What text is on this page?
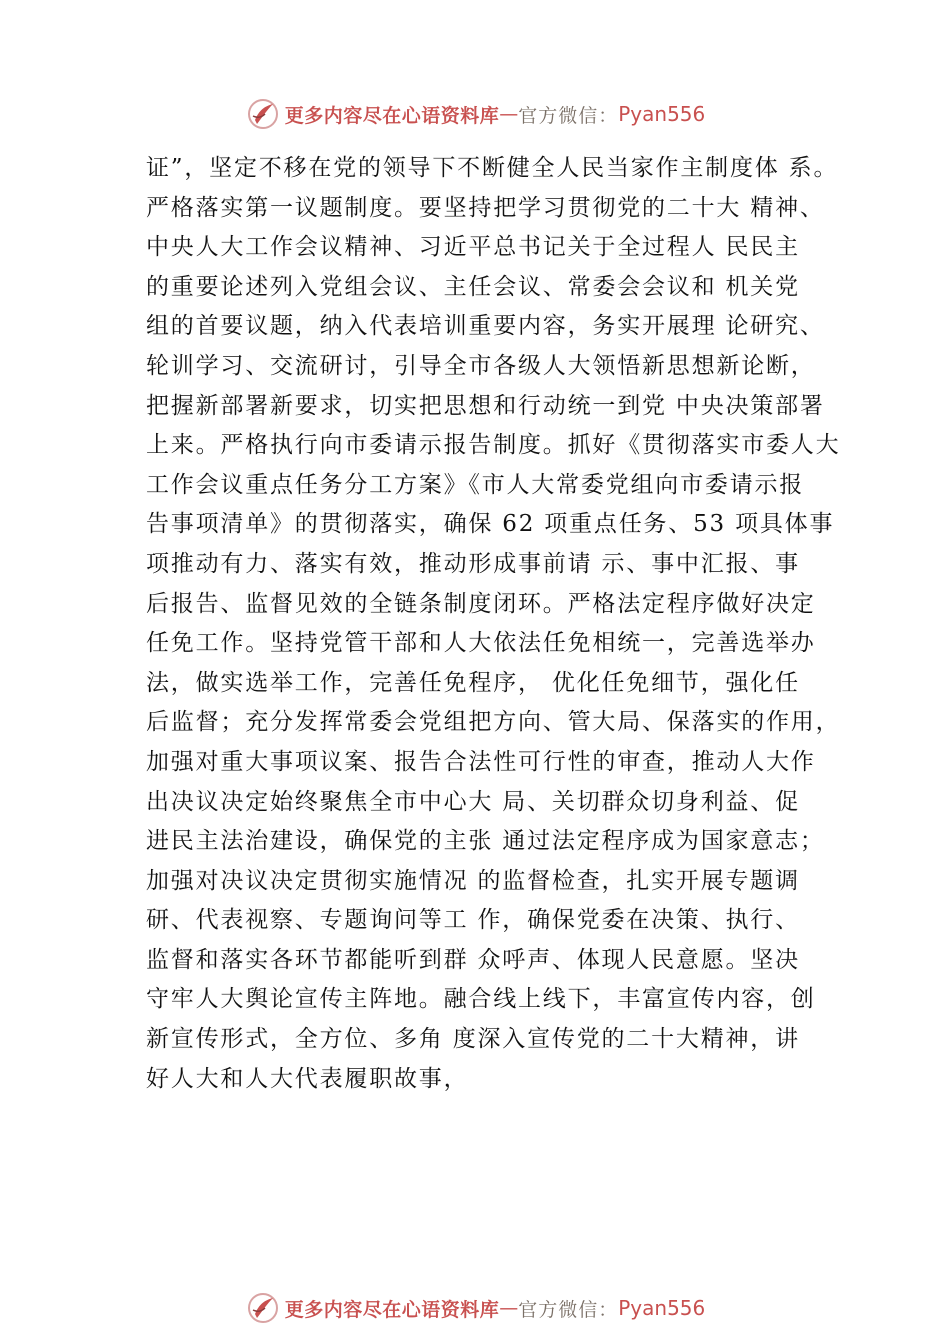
更多内容尽在心语资料库 — 官方微信： Pyan556
证”，坚定不移在党的领导下不断健全人民当家作主制度体 系。
严格落实第一议题制度。要坚持把学习贯彻党的二十大 精神、
中央人大工作会议精神、习近平总书记关于全过程人 民民主
的重要论述列入党组会议、主任会议、常委会会议和 机关党
组的首要议题，纳入代表培训重要内容，务实开展理 论研究、
轮训学习、交流研讨，引导全市各级人大领悟新思想新论断，
把握新部署新要求，切实把思想和行动统一到党 中央决策部署
上来。严格执行向市委请示报告制度。抓好《贯彻落实市委人大
工作会议重点任务分工方案》《市人大常委党组向市委请示报
告事项清单》的贯彻落实，确保 62 项重点任务、53 项具体事
项推动有力、落实有效，推动形成事前请 示、事中汇报、事
后报告、监督见效的全链条制度闭环。严格法定程序做好决定
任免工作。坚持党管干部和人大依法任免相统一，完善选举办
法，做实选举工作，完善任免程序， 优化任免细节，强化任
后监督；充分发挥常委会党组把方向、管大局、保落实的作用，
加强对重大事项议案、报告合法性可行性的审查，推动人大作
出决议决定始终聚焦全市中心大 局、关切群众切身利益、促
进民主法治建设，确保党的主张 通过法定程序成为国家意志；
加强对决议决定贯彻实施情况 的监督检查，扎实开展专题调
研、代表视察、专题询问等工 作，确保党委在决策、执行、
监督和落实各环节都能听到群 众呼声、体现人民意愿。坚决
守牢人大舆论宣传主阵地。融合线上线下，丰富宣传内容，创
新宣传形式，全方位、多角 度深入宣传党的二十大精神，讲
好人大和人大代表履职故事，
更多内容尽在心语资料库 — 官方微信： Pyan556
